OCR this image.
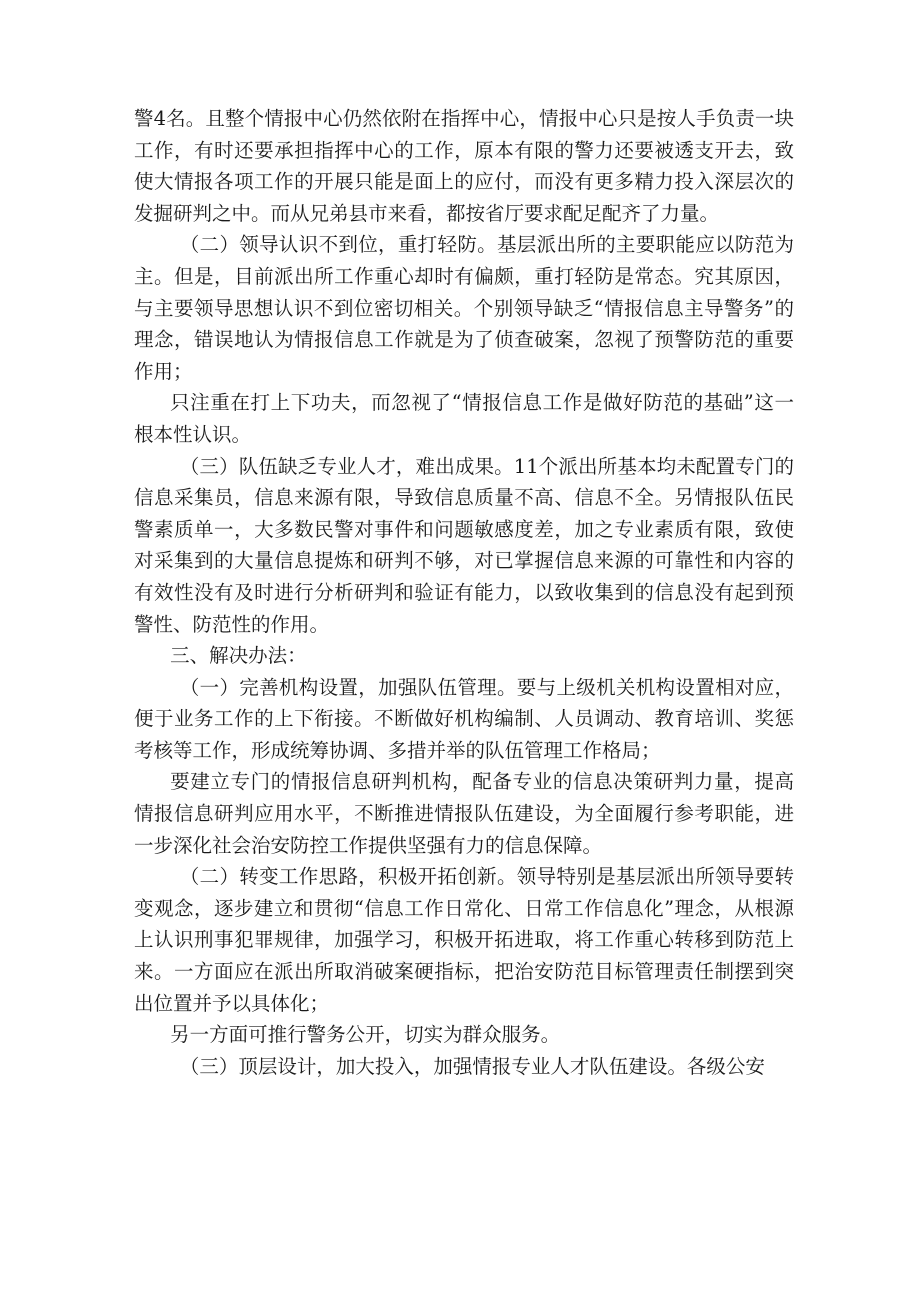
警4名。且整个情报中心仍然依附在指挥中心，情报中心只是按人手负责一块工作，有时还要承担指挥中心的工作，原本有限的警力还要被透支开去，致使大情报各项工作的开展只能是面上的应付，而没有更多精力投入深层次的发掘研判之中。而从兄弟县市来看，都按省厅要求配足配齐了力量。

（二）领导认识不到位，重打轻防。基层派出所的主要职能应以防范为主。但是，目前派出所工作重心却时有偏颇，重打轻防是常态。究其原因，与主要领导思想认识不到位密切相关。个别领导缺乏“情报信息主导警务”的理念，错误地认为情报信息工作就是为了侦查破案，忽视了预警防范的重要作用；

只注重在打上下功夫，而忽视了“情报信息工作是做好防范的基础”这一根本性认识。

（三）队伍缺乏专业人才，难出成果。11个派出所基本均未配置专门的信息采集员，信息来源有限，导致信息质量不高、信息不全。另情报队伍民警素质单一，大多数民警对事件和问题敏感度差，加之专业素质有限，致使对采集到的大量信息提炼和研判不够，对已掌握信息来源的可靠性和内容的有效性没有及时进行分析研判和验证有能力，以致收集到的信息没有起到预警性、防范性的作用。

三、解决办法：

（一）完善机构设置，加强队伍管理。要与上级机关机构设置相对应，便于业务工作的上下衔接。不断做好机构编制、人员调动、教育培训、奖惩考核等工作，形成统筹协调、多措并举的队伍管理工作格局；

要建立专门的情报信息研判机构，配备专业的信息决策研判力量，提高情报信息研判应用水平，不断推进情报队伍建设，为全面履行参考职能，进一步深化社会治安防控工作提供坚强有力的信息保障。

（二）转变工作思路，积极开拓创新。领导特别是基层派出所领导要转变观念，逐步建立和贯彻“信息工作日常化、日常工作信息化”理念，从根源上认识刑事犯罪规律，加强学习，积极开拓进取，将工作重心转移到防范上来。一方面应在派出所取消破案硬指标，把治安防范目标管理责任制摆到突出位置并予以具体化；

另一方面可推行警务公开，切实为群众服务。

（三）顶层设计，加大投入，加强情报专业人才队伍建设。各级公安
